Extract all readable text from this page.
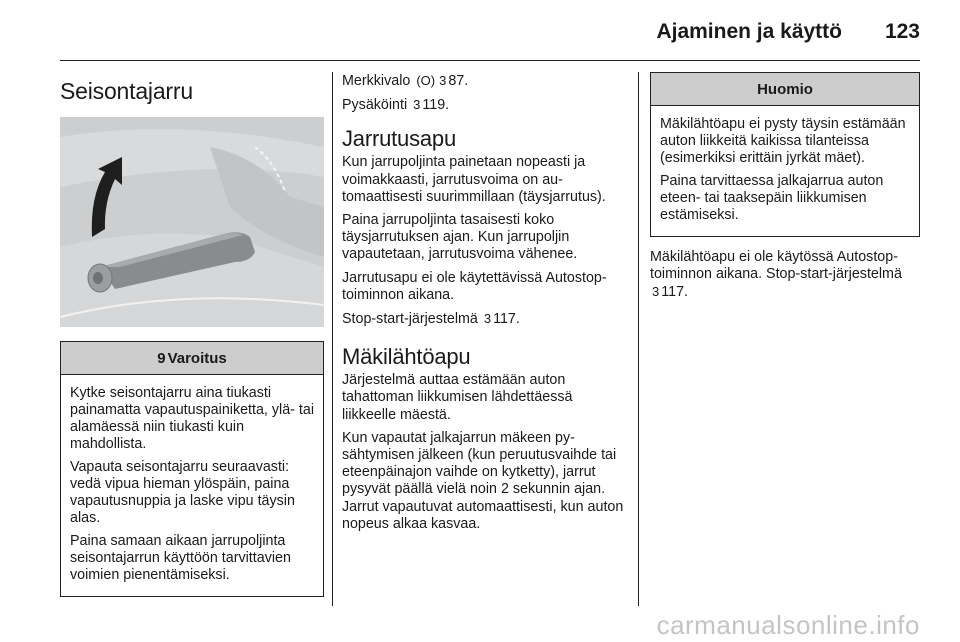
Ajaminen ja käyttö 123
Seisontajarru
9 Varoitus

Kytke seisontajarru aina tiukasti painamatta vapautuspainiketta, ylä- tai alamäessä niin tiukasti kuin mahdollista.

Vapauta seisontajarru seuraavasti: vedä vipua hieman ylöspäin, paina vapautusnuppia ja laske vipu täysin alas.

Paina samaan aikaan jarrupoljinta seisontajarrun käyttöön tarvittavien voimien pienentämiseksi.

Merkkivalo (O) 3 87.

Pysäköinti 3 119.

Jarrutusapu

Kun jarrupoljinta painetaan nopeasti ja voimakkaasti, jarrutusvoima on automaattisesti suurimmillaan (täysjarrutus).

Paina jarrupoljinta tasaisesti koko täysjarrutuksen ajan. Kun jarrupoljin vapautetaan, jarrutusvoima vähenee.

Jarrutusapu ei ole käytettävissä Autostop-toiminnon aikana.

Stop-start-järjestelmä 3 117.

Mäkilähtöapu

Järjestelmä auttaa estämään auton tahattoman liikkumisen lähdettäessä liikkeelle mäestä.

Kun vapautat jalkajarrun mäkeen pysähtymisen jälkeen (kun peruutusvaihde tai eteenpäinajon vaihde on kytketty), jarrut pysyvät päällä vielä noin 2 sekunnin ajan. Jarrut vapautuvat automaattisesti, kun auton nopeus alkaa kasvaa.

Huomio

Mäkilähtöapu ei pysty täysin estämään auton liikkeitä kaikissa tilanteissa (esimerkiksi erittäin jyrkät mäet).

Paina tarvittaessa jalkajarrua auton eteen- tai taaksepäin liikkumisen estämiseksi.

Mäkilähtöapu ei ole käytössä Autostop-toiminnon aikana. Stop-start-järjestelmä 3 117.

carmanualsonline.info
